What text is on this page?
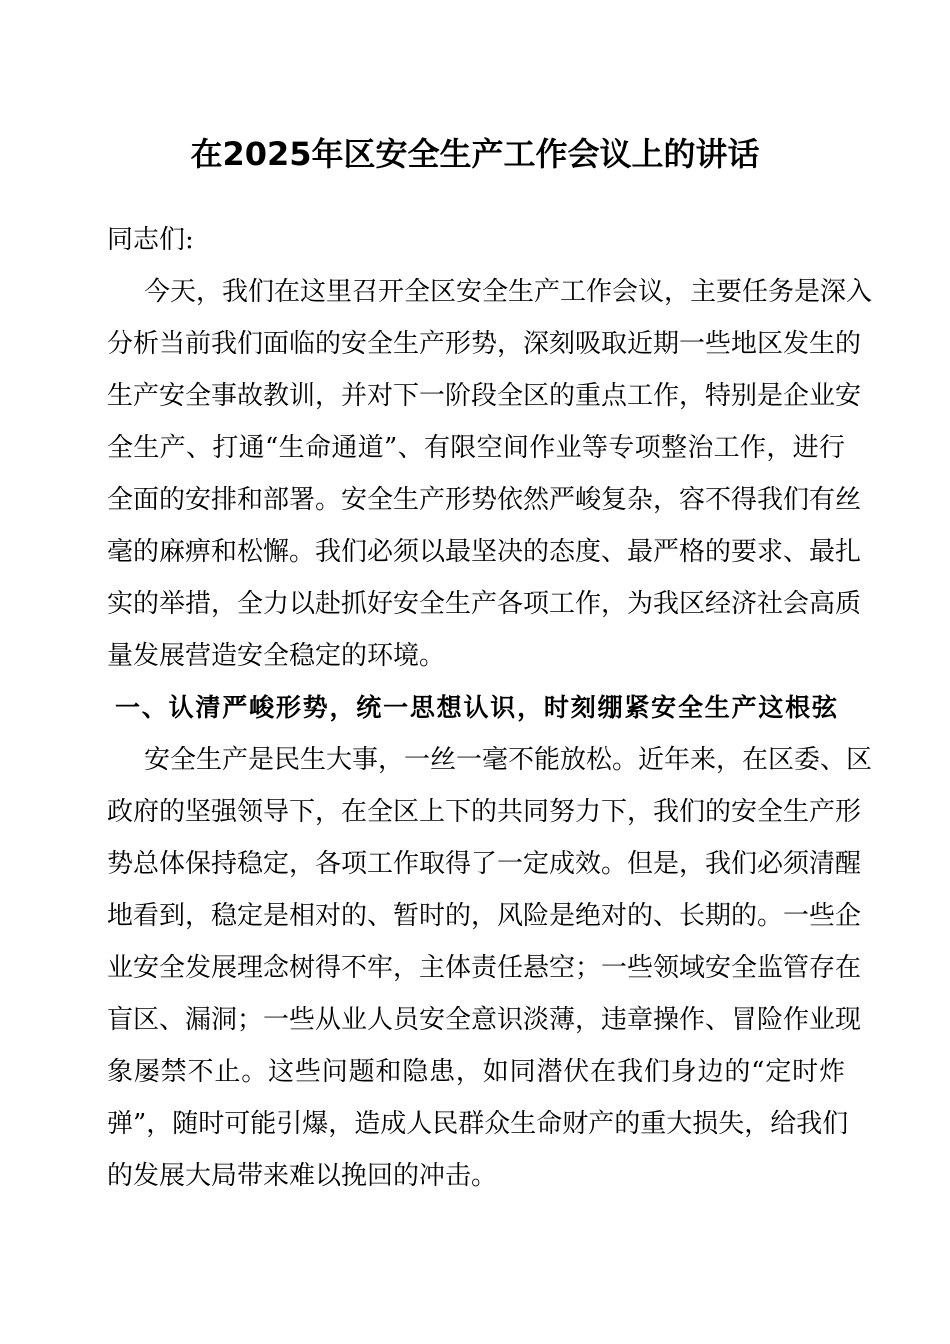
在2025年区安全生产工作会议上的讲话
同志们:
今天，我们在这里召开全区安全生产工作会议，主要任务是深入
分析当前我们面临的安全生产形势，深刻吸取近期一些地区发生的
生产安全事故教训，并对下一阶段全区的重点工作，特别是企业安
全生产、打通“生命通道”、有限空间作业等专项整治工作，进行
全面的安排和部署。安全生产形势依然严峻复杂，容不得我们有丝
毫的麻痹和松懈。我们必须以最坚决的态度、最严格的要求、最扎
实的举措，全力以赴抓好安全生产各项工作，为我区经济社会高质
量发展营造安全稳定的环境。
一、认清严峻形势，统一思想认识，时刻绷紧安全生产这根弦
安全生产是民生大事，一丝一毫不能放松。近年来，在区委、区
政府的坚强领导下，在全区上下的共同努力下，我们的安全生产形
势总体保持稳定，各项工作取得了一定成效。但是，我们必须清醒
地看到，稳定是相对的、暂时的，风险是绝对的、长期的。一些企
业安全发展理念树得不牢，主体责任悬空；一些领域安全监管存在
盲区、漏洞；一些从业人员安全意识淡薄，违章操作、冒险作业现
象屡禁不止。这些问题和隐患，如同潜伏在我们身边的“定时炸
弹”，随时可能引爆，造成人民群众生命财产的重大损失，给我们
的发展大局带来难以挽回的冲击。
